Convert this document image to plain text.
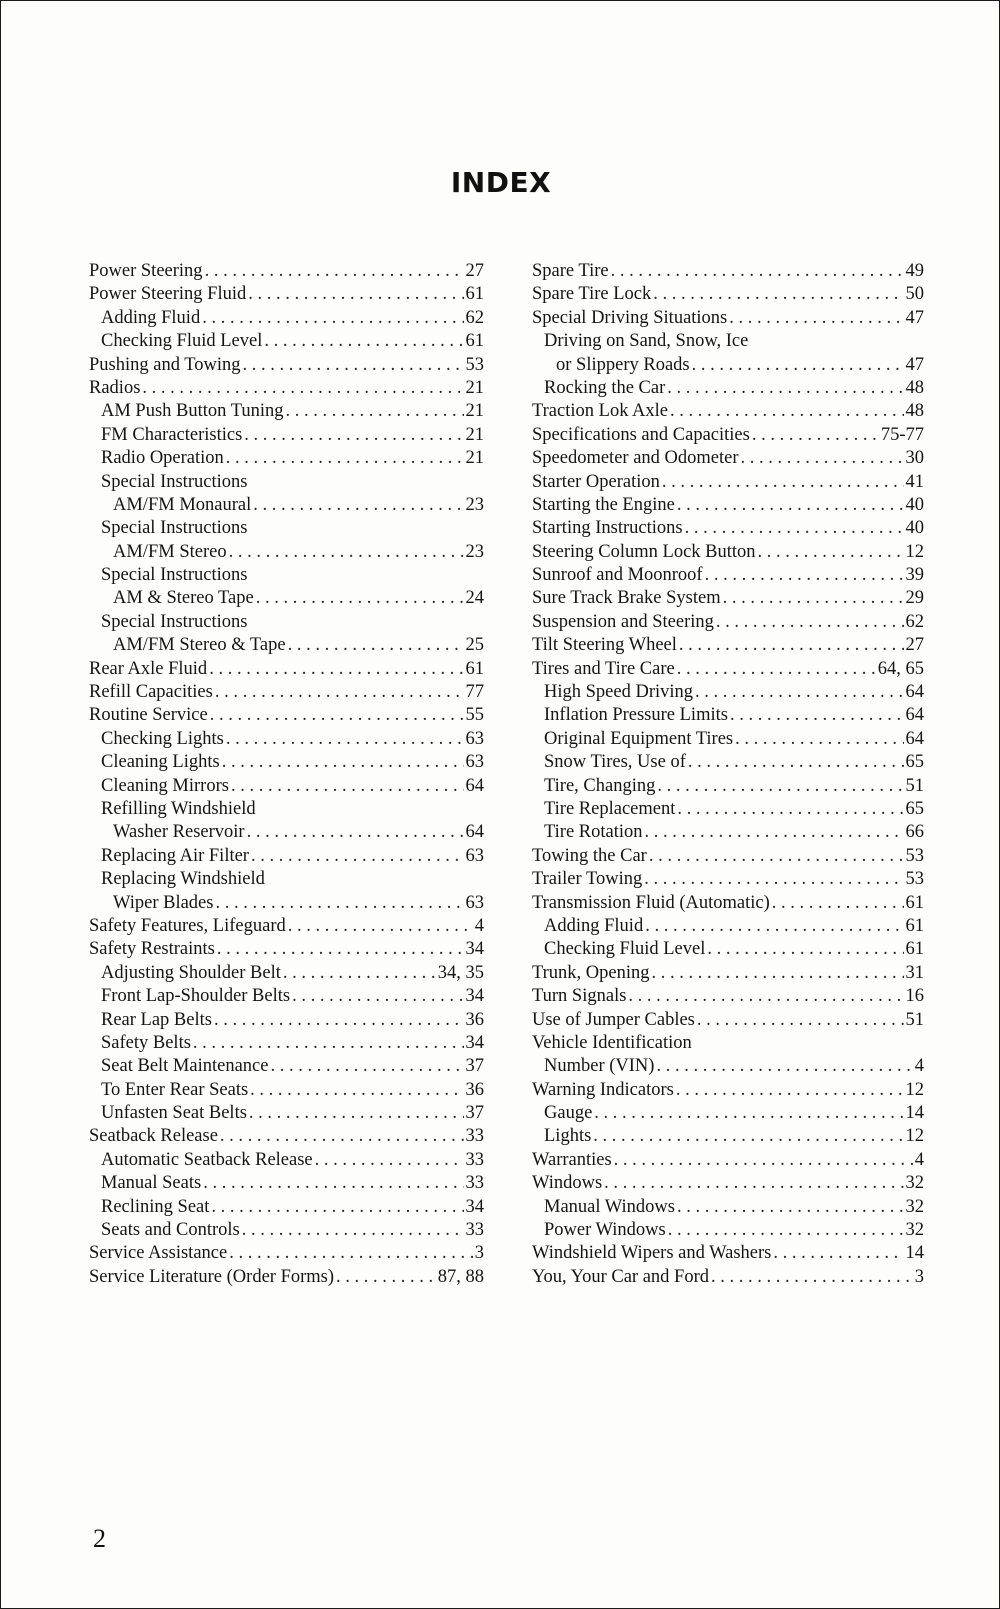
INDEX
Power Steering . . .	27
Power Steering Fluid . . .	61
Adding Fluid . . .	62
Checking Fluid Level . . .	61
Pushing and Towing . . .	53
Radios . . .	21
AM Push Button Tuning . . .	21
FM Characteristics . . .	21
Radio Operation . . .	21
Special Instructions
AM/FM Monaural . . .	23
Special Instructions
AM/FM Stereo . . .	23
Special Instructions
AM & Stereo Tape . . .	24
Special Instructions
AM/FM Stereo & Tape . . .	25
Rear Axle Fluid . . .	61
Refill Capacities . . .	77
Routine Service . . .	55
Checking Lights . . .	63
Cleaning Lights . . .	63
Cleaning Mirrors . . .	64
Refilling Windshield
Washer Reservoir . . .	64
Replacing Air Filter . . .	63
Replacing Windshield
Wiper Blades . . .	63
Safety Features, Lifeguard . . .	4
Safety Restraints . . .	34
Adjusting Shoulder Belt . . .	34, 35
Front Lap-Shoulder Belts . . .	34
Rear Lap Belts . . .	36
Safety Belts . . .	34
Seat Belt Maintenance . . .	37
To Enter Rear Seats . . .	36
Unfasten Seat Belts . . .	37
Seatback Release . . .	33
Automatic Seatback Release . . .	33
Manual Seats . . .	33
Reclining Seat . . .	34
Seats and Controls . . .	33
Service Assistance . . .	3
Service Literature (Order Forms) . . .	87, 88
Spare Tire . . .	49
Spare Tire Lock . . .	50
Special Driving Situations . . .	47
Driving on Sand, Snow, Ice
or Slippery Roads . . .	47
Rocking the Car . . .	48
Traction Lok Axle . . .	48
Specifications and Capacities . . .	75-77
Speedometer and Odometer . . .	30
Starter Operation . . .	41
Starting the Engine . . .	40
Starting Instructions . . .	40
Steering Column Lock Button . . .	12
Sunroof and Moonroof . . .	39
Sure Track Brake System . . .	29
Suspension and Steering . . .	62
Tilt Steering Wheel . . .	27
Tires and Tire Care . . .	64, 65
High Speed Driving . . .	64
Inflation Pressure Limits . . .	64
Original Equipment Tires . . .	64
Snow Tires, Use of . . .	65
Tire, Changing . . .	51
Tire Replacement . . .	65
Tire Rotation . . .	66
Towing the Car . . .	53
Trailer Towing . . .	53
Transmission Fluid (Automatic) . . .	61
Adding Fluid . . .	61
Checking Fluid Level . . .	61
Trunk, Opening . . .	31
Turn Signals . . .	16
Use of Jumper Cables . . .	51
Vehicle Identification
Number (VIN) . . .	4
Warning Indicators . . .	12
Gauge . . .	14
Lights . . .	12
Warranties . . .	4
Windows . . .	32
Manual Windows . . .	32
Power Windows . . .	32
Windshield Wipers and Washers . . .	14
You, Your Car and Ford . . .	3
2
